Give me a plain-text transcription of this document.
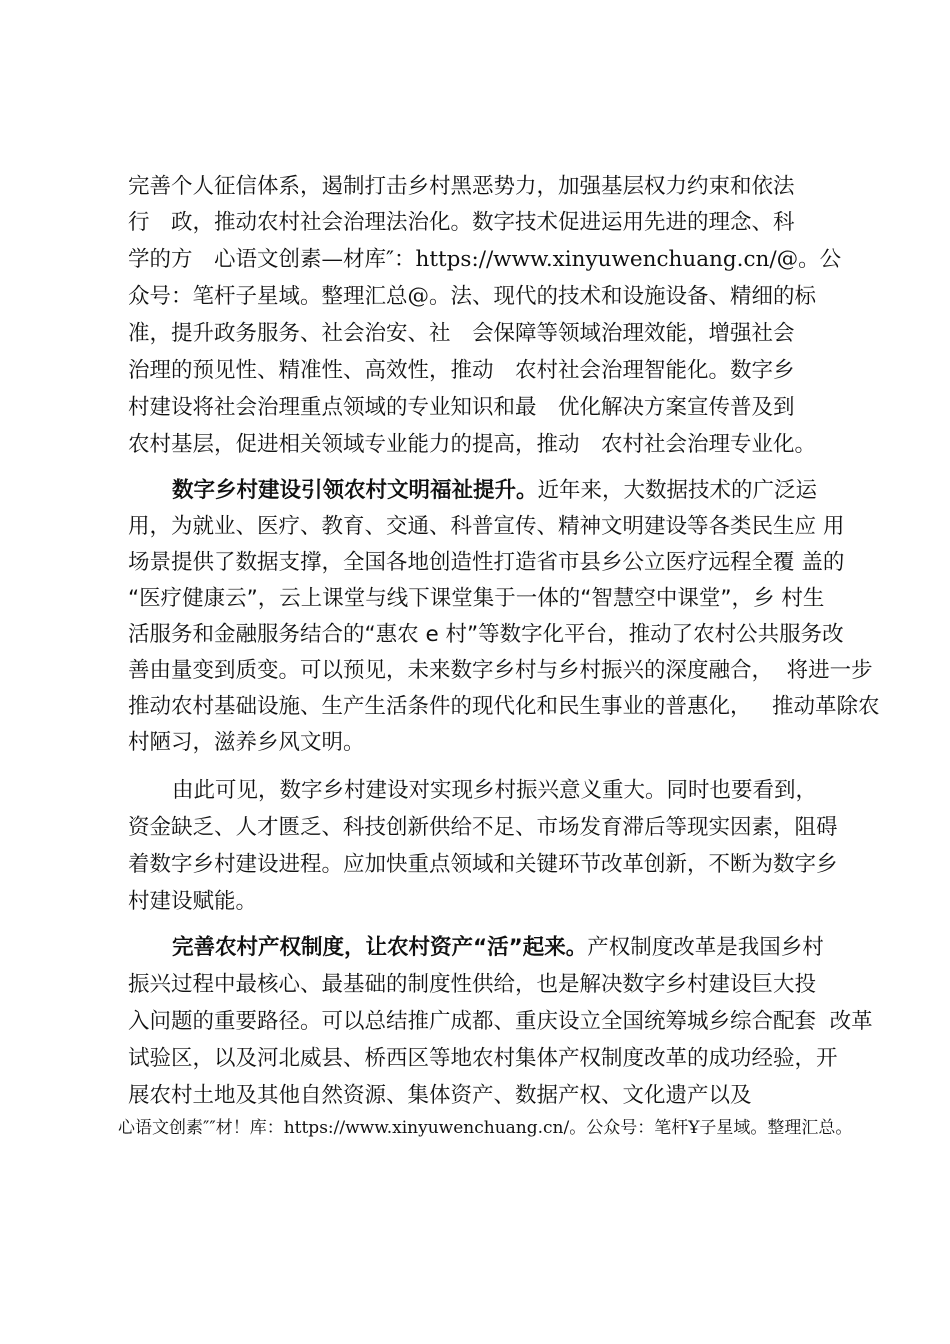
完善个人征信体系，遏制打击乡村黑恶势力，加强基层权力约束和依法
行　政，推动农村社会治理法治化。数字技术促进运用先进的理念、科
学的方　心语文创素—材库″：https://www.xinyuwenchuang.cn/@。公
众号：笔杆子星域。整理汇总@。法、现代的技术和设施设备、精细的标
准，提升政务服务、社会治安、社　会保障等领域治理效能，增强社会
治理的预见性、精准性、高效性，推动　农村社会治理智能化。数字乡
村建设将社会治理重点领域的专业知识和最　优化解决方案宣传普及到
农村基层，促进相关领域专业能力的提高，推动　农村社会治理专业化。
数字乡村建设引领农村文明福祉提升。近年来，大数据技术的广泛运
用，为就业、医疗、教育、交通、科普宣传、精神文明建设等各类民生应 用
场景提供了数据支撑，全国各地创造性打造省市县乡公立医疗远程全覆 盖的
“医疗健康云”，云上课堂与线下课堂集于一体的“智慧空中课堂”，乡 村生
活服务和金融服务结合的“惠农 e 村”等数字化平台，推动了农村公共服务改
善由量变到质变。可以预见，未来数字乡村与乡村振兴的深度融合，  将进一步
推动农村基础设施、生产生活条件的现代化和民生事业的普惠化，   推动革除农
村陋习，滋养乡风文明。
由此可见，数字乡村建设对实现乡村振兴意义重大。同时也要看到，
资金缺乏、人才匮乏、科技创新供给不足、市场发育滞后等现实因素，阻碍
着数字乡村建设进程。应加快重点领域和关键环节改革创新，不断为数字乡
村建设赋能。
完善农村产权制度，让农村资产“活”起来。产权制度改革是我国乡村
振兴过程中最核心、最基础的制度性供给，也是解决数字乡村建设巨大投
入问题的重要路径。可以总结推广成都、重庆设立全国统筹城乡综合配套  改革
试验区，以及河北威县、桥西区等地农村集体产权制度改革的成功经验，开
展农村土地及其他自然资源、集体资产、数据产权、文化遗产以及
心语文创素″″材！库：https://www.xinyuwenchuang.cn/。公众号：笔杆Ұ子星域。整理汇总。
